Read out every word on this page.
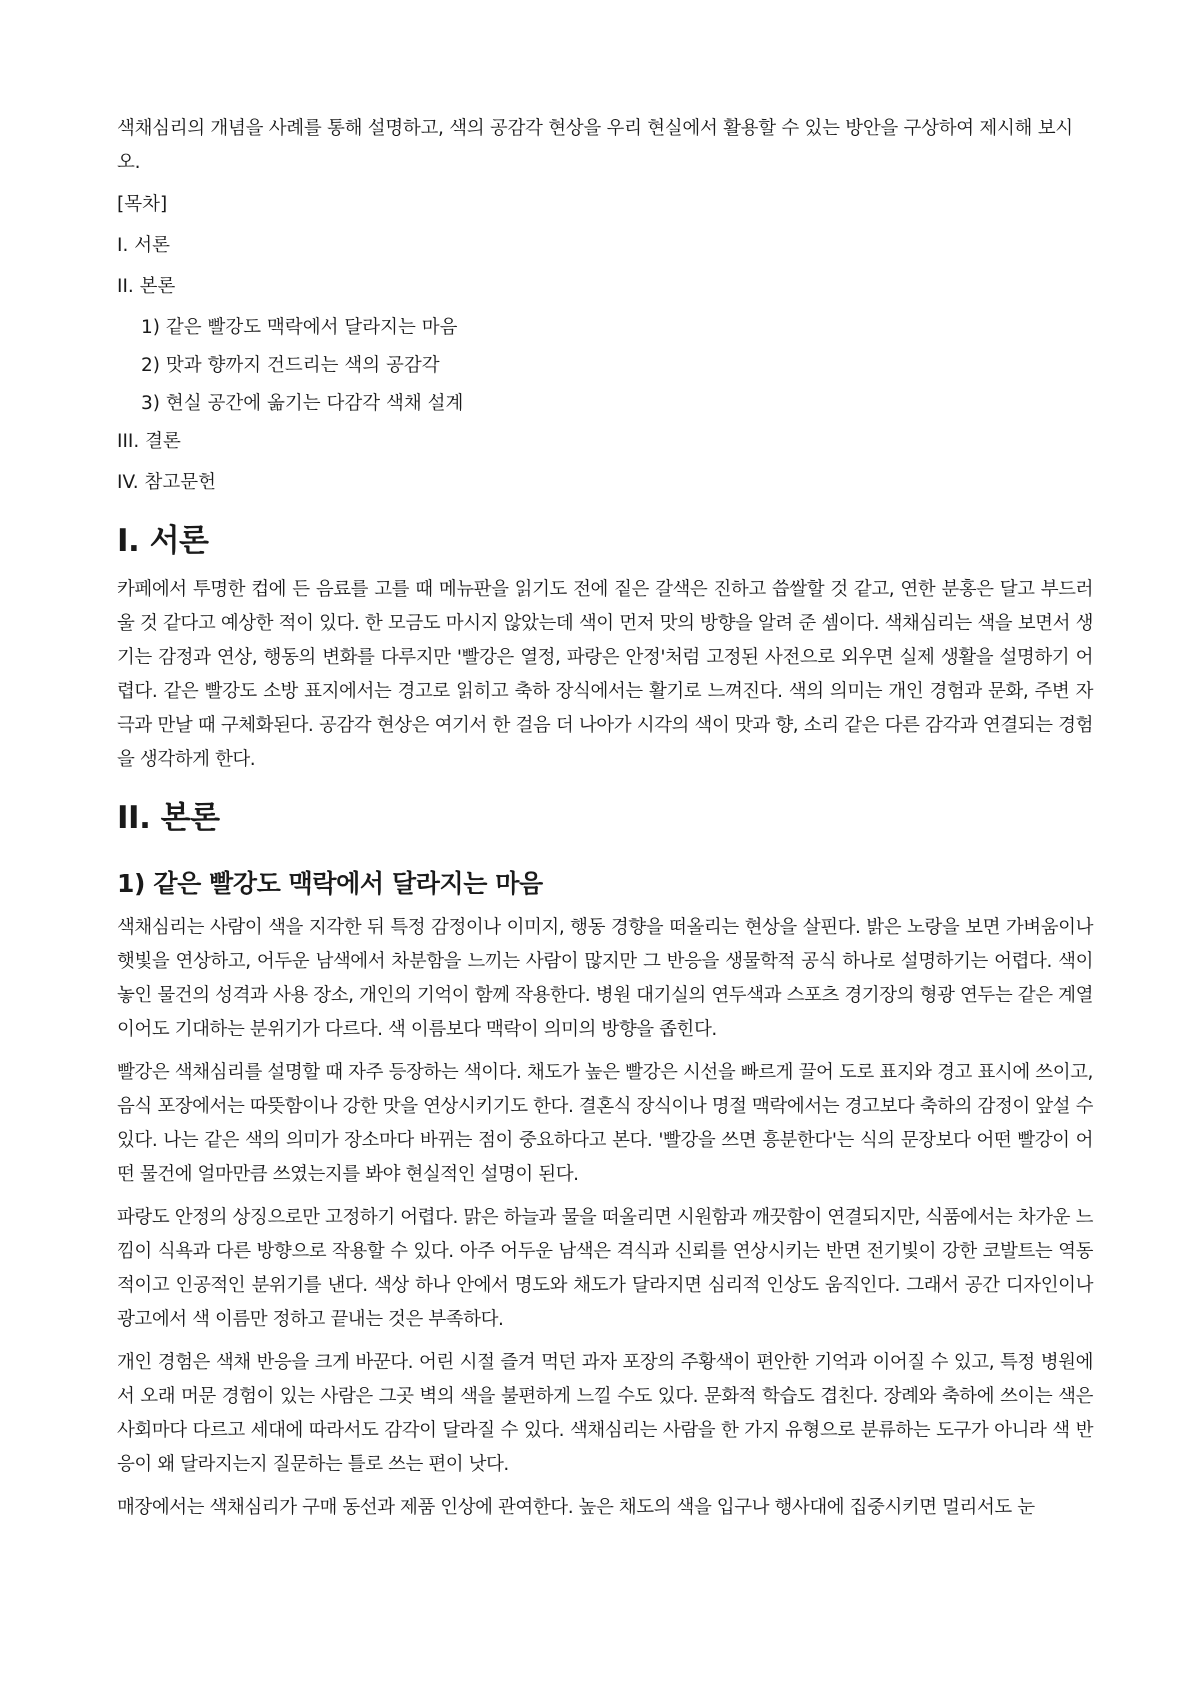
색채심리의 개념을 사례를 통해 설명하고, 색의 공감각 현상을 우리 현실에서 활용할 수 있는 방안을 구상하여 제시해 보시오.

[목차]
I. 서론
II. 본론
1) 같은 빨강도 맥락에서 달라지는 마음
2) 맛과 향까지 건드리는 색의 공감각
3) 현실 공간에 옮기는 다감각 색채 설계
III. 결론
IV. 참고문헌
I. 서론

카페에서 투명한 컵에 든 음료를 고를 때 메뉴판을 읽기도 전에 짙은 갈색은 진하고 씁쌀할 것 같고, 연한 분홍은 달고 부드러울 것 같다고 예상한 적이 있다. 한 모금도 마시지 않았는데 색이 먼저 맛의 방향을 알려 준 셈이다. 색채심리는 색을 보면서 생기는 감정과 연상, 행동의 변화를 다루지만 '빨강은 열정, 파랑은 안정'처럼 고정된 사전으로 외우면 실제 생활을 설명하기 어렵다. 같은 빨강도 소방 표지에서는 경고로 읽히고 축하 장식에서는 활기로 느껴진다. 색의 의미는 개인 경험과 문화, 주변 자극과 만날 때 구체화된다. 공감각 현상은 여기서 한 걸음 더 나아가 시각의 색이 맛과 향, 소리 같은 다른 감각과 연결되는 경험을 생각하게 한다.

II. 본론
1) 같은 빨강도 맥락에서 달라지는 마음

색채심리는 사람이 색을 지각한 뒤 특정 감정이나 이미지, 행동 경향을 떠올리는 현상을 살핀다. 밝은 노랑을 보면 가벼움이나 햇빛을 연상하고, 어두운 남색에서 차분함을 느끼는 사람이 많지만 그 반응을 생물학적 공식 하나로 설명하기는 어렵다. 색이 놓인 물건의 성격과 사용 장소, 개인의 기억이 함께 작용한다. 병원 대기실의 연두색과 스포츠 경기장의 형광 연두는 같은 계열이어도 기대하는 분위기가 다르다. 색 이름보다 맥락이 의미의 방향을 좁힌다.

빨강은 색채심리를 설명할 때 자주 등장하는 색이다. 채도가 높은 빨강은 시선을 빠르게 끌어 도로 표지와 경고 표시에 쓰이고, 음식 포장에서는 따뜻함이나 강한 맛을 연상시키기도 한다. 결혼식 장식이나 명절 맥락에서는 경고보다 축하의 감정이 앞설 수 있다. 나는 같은 색의 의미가 장소마다 바뀌는 점이 중요하다고 본다. '빨강을 쓰면 흥분한다'는 식의 문장보다 어떤 빨강이 어떤 물건에 얼마만큼 쓰였는지를 봐야 현실적인 설명이 된다.

파랑도 안정의 상징으로만 고정하기 어렵다. 맑은 하늘과 물을 떠올리면 시원함과 깨끗함이 연결되지만, 식품에서는 차가운 느낌이 식욕과 다른 방향으로 작용할 수 있다. 아주 어두운 남색은 격식과 신뢰를 연상시키는 반면 전기빛이 강한 코발트는 역동적이고 인공적인 분위기를 낸다. 색상 하나 안에서 명도와 채도가 달라지면 심리적 인상도 움직인다. 그래서 공간 디자인이나 광고에서 색 이름만 정하고 끝내는 것은 부족하다.

개인 경험은 색채 반응을 크게 바꾼다. 어린 시절 즐겨 먹던 과자 포장의 주황색이 편안한 기억과 이어질 수 있고, 특정 병원에서 오래 머문 경험이 있는 사람은 그곳 벽의 색을 불편하게 느낄 수도 있다. 문화적 학습도 겹친다. 장례와 축하에 쓰이는 색은 사회마다 다르고 세대에 따라서도 감각이 달라질 수 있다. 색채심리는 사람을 한 가지 유형으로 분류하는 도구가 아니라 색 반응이 왜 달라지는지 질문하는 틀로 쓰는 편이 낫다.

매장에서는 색채심리가 구매 동선과 제품 인상에 관여한다. 높은 채도의 색을 입구나 행사대에 집중시키면 멀리서도 눈
